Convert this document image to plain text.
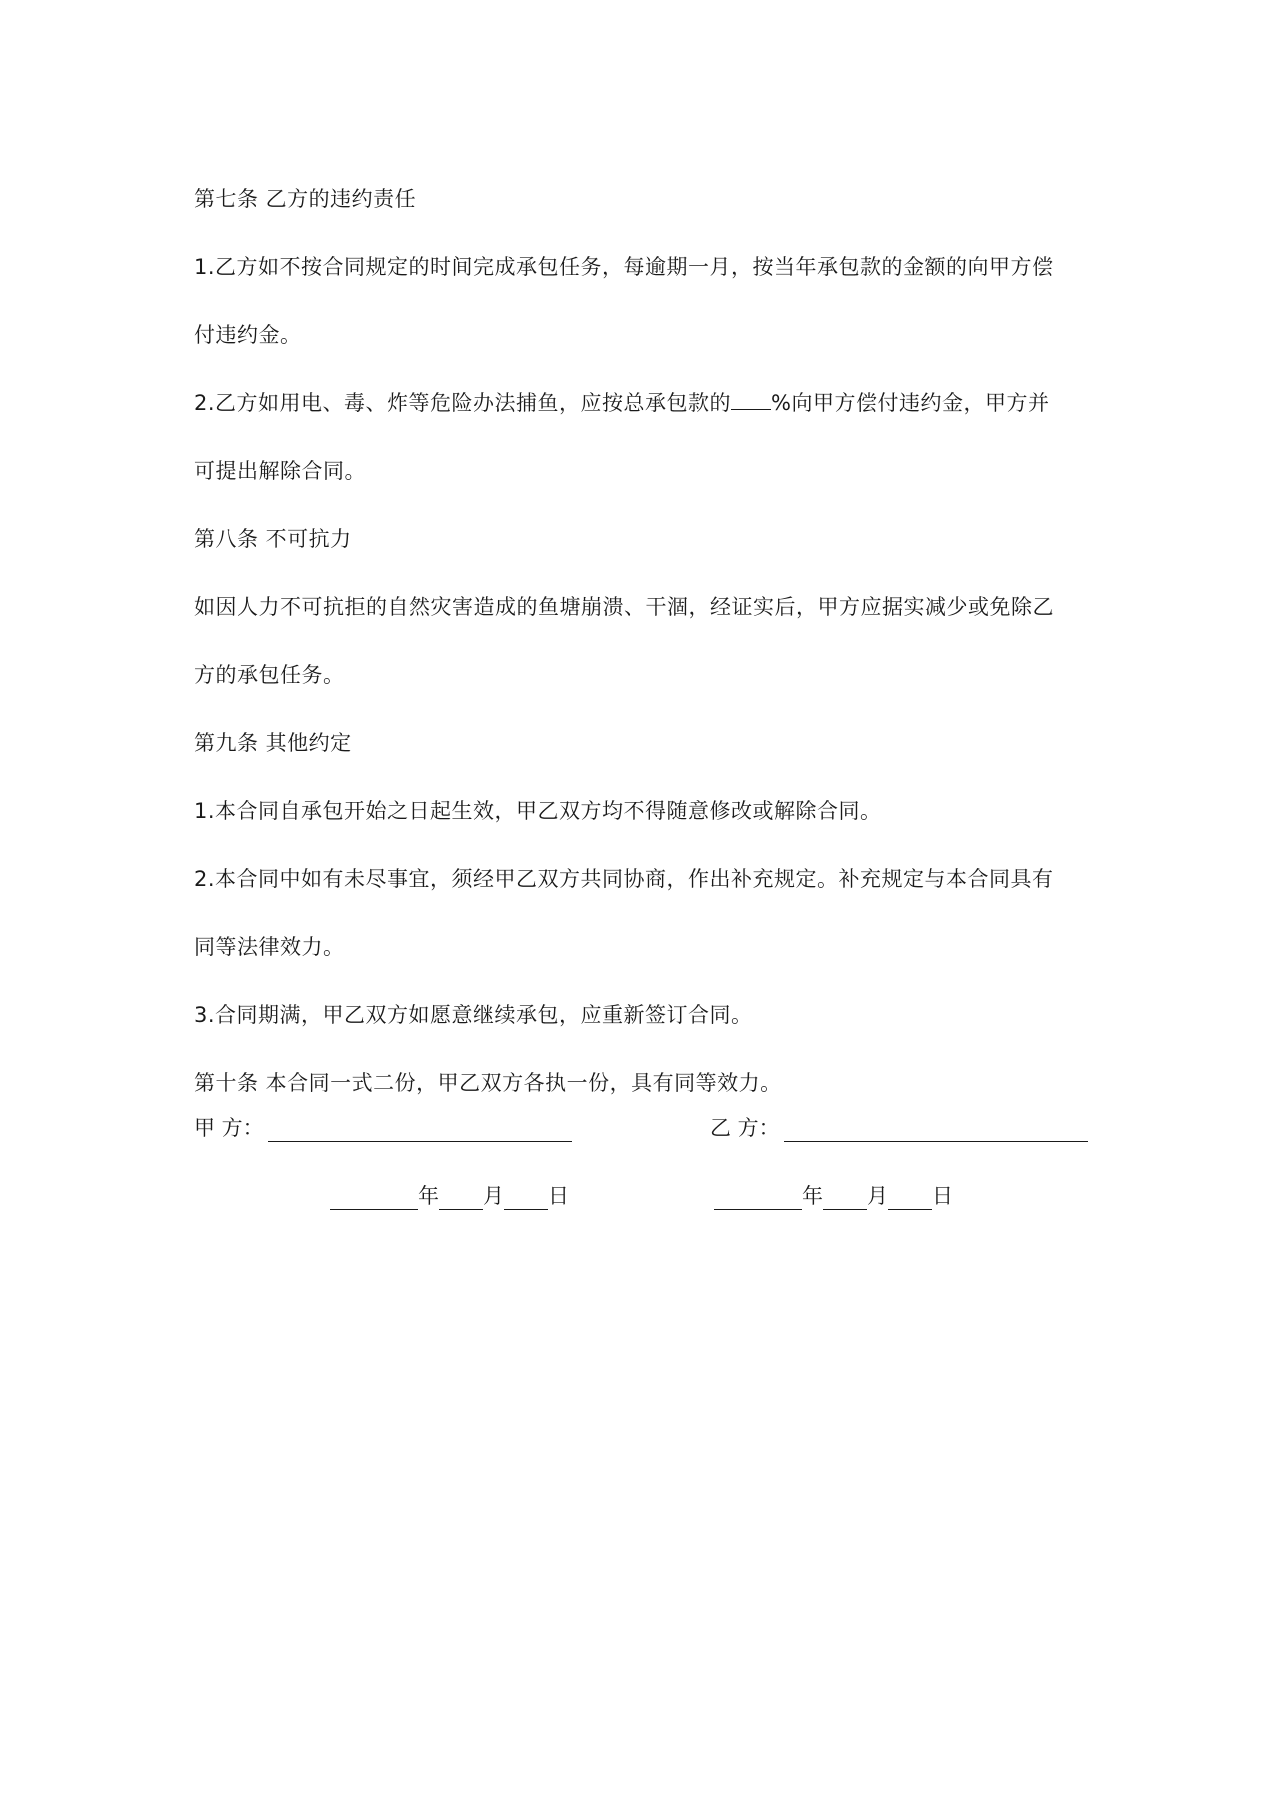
第七条 乙方的违约责任
1.乙方如不按合同规定的时间完成承包任务，每逾期一月，按当年承包款的金额的向甲方偿
付违约金。
2.乙方如用电、毒、炸等危险办法捕鱼，应按总承包款的 %向甲方偿付违约金，甲方并
可提出解除合同。
第八条 不可抗力
如因人力不可抗拒的自然灾害造成的鱼塘崩溃、干涸，经证实后，甲方应据实减少或免除乙
方的承包任务。
第九条 其他约定
1.本合同自承包开始之日起生效，甲乙双方均不得随意修改或解除合同。
2.本合同中如有未尽事宜，须经甲乙双方共同协商，作出补充规定。补充规定与本合同具有
同等法律效力。
3.合同期满，甲乙双方如愿意继续承包，应重新签订合同。
第十条 本合同一式二份，甲乙双方各执一份，具有同等效力。
甲 方：	乙 方：
年 月 日	年 月 日
